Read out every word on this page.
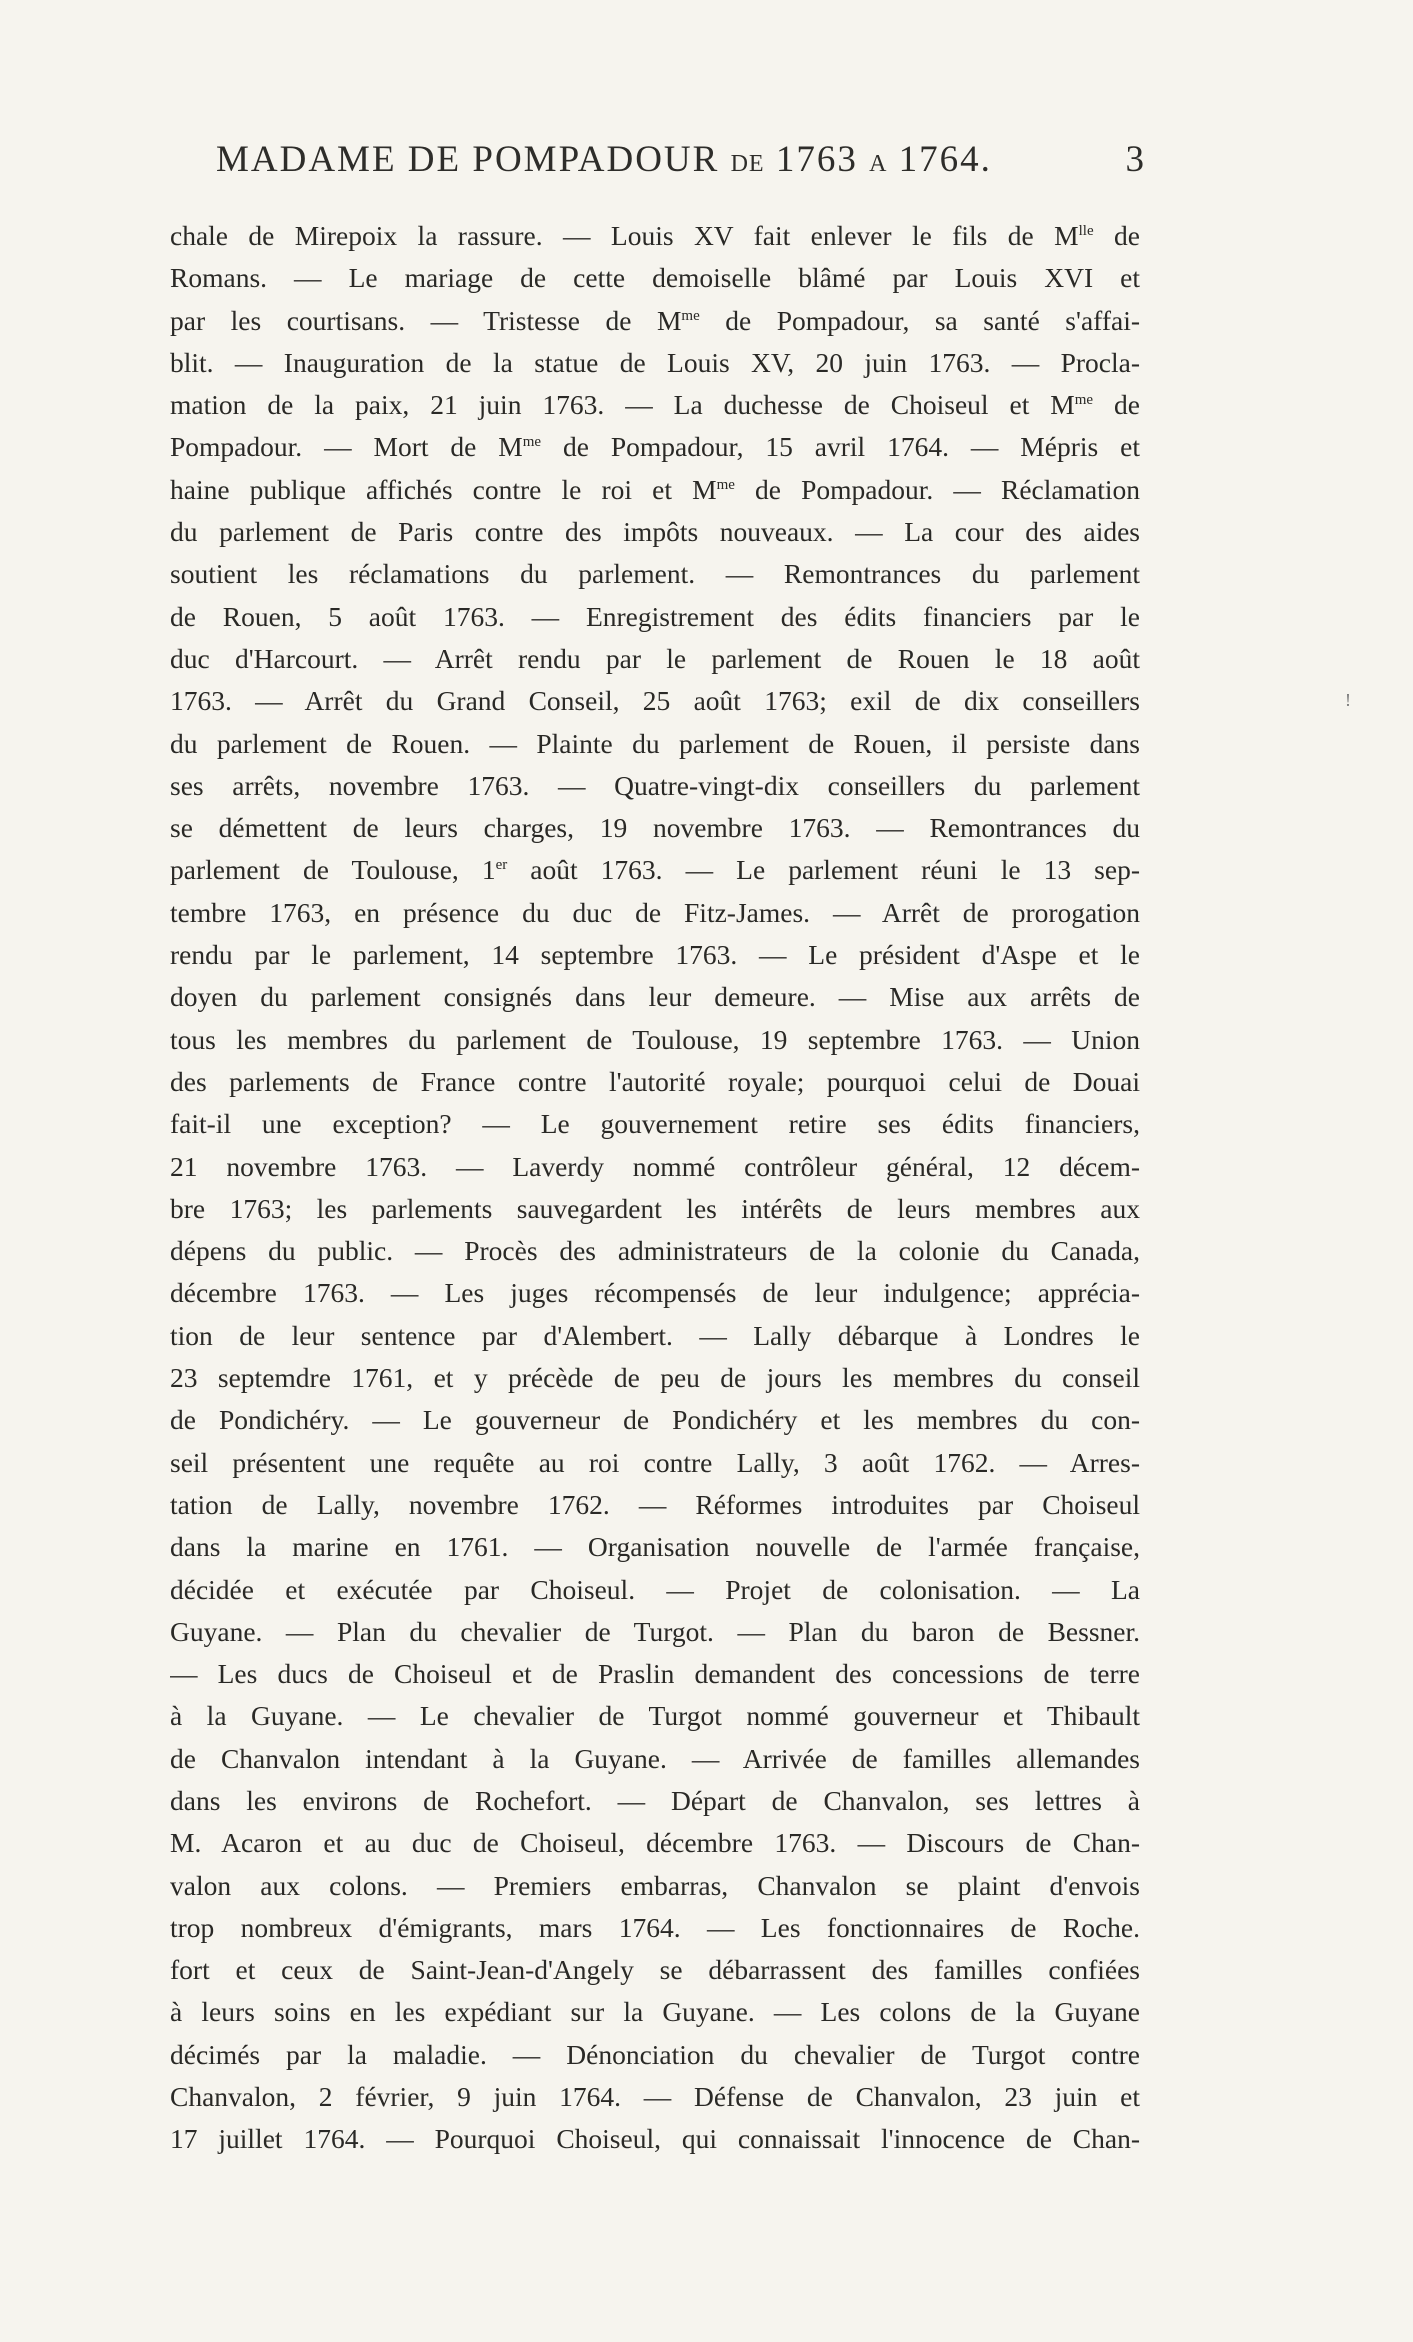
MADAME DE POMPADOUR DE 1763 A 1764.	3
chale de Mirepoix la rassure. — Louis XV fait enlever le fils de $M^{lle}$ de
Romans. — Le mariage de cette demoiselle blâmé par Louis XVI et
par les courtisans. — Tristesse de $M^{me}$ de Pompadour, sa santé s'affai-
blit. — Inauguration de la statue de Louis XV, 20 juin 1763. — Procla-
mation de la paix, 21 juin 1763. — La duchesse de Choiseul et $M^{me}$ de
Pompadour. — Mort de $M^{me}$ de Pompadour, 15 avril 1764. — Mépris et
haine publique affichés contre le roi et $M^{me}$ de Pompadour. — Réclamation
du parlement de Paris contre des impôts nouveaux. — La cour des aides
soutient les réclamations du parlement. — Remontrances du parlement
de Rouen, 5 août 1763. — Enregistrement des édits financiers par le
duc d'Harcourt. — Arrêt rendu par le parlement de Rouen le 18 août
1763. — Arrêt du Grand Conseil, 25 août 1763; exil de dix conseillers
du parlement de Rouen. — Plainte du parlement de Rouen, il persiste dans
ses arrêts, novembre 1763. — Quatre-vingt-dix conseillers du parlement
se démettent de leurs charges, 19 novembre 1763. — Remontrances du
parlement de Toulouse, 1er août 1763. — Le parlement réuni le 13 sep-
tembre 1763, en présence du duc de Fitz-James. — Arrêt de prorogation
rendu par le parlement, 14 septembre 1763. — Le président d'Aspe et le
doyen du parlement consignés dans leur demeure. — Mise aux arrêts de
tous les membres du parlement de Toulouse, 19 septembre 1763. — Union
des parlements de France contre l'autorité royale; pourquoi celui de Douai
fait-il une exception? — Le gouvernement retire ses édits financiers,
21 novembre 1763. — Laverdy nommé contrôleur général, 12 décem-
bre 1763; les parlements sauvegardent les intérêts de leurs membres aux
dépens du public. — Procès des administrateurs de la colonie du Canada,
décembre 1763. — Les juges récompensés de leur indulgence; apprécia-
tion de leur sentence par d'Alembert. — Lally débarque à Londres le
23 septemdre 1761, et y précède de peu de jours les membres du conseil
de Pondichéry. — Le gouverneur de Pondichéry et les membres du con-
seil présentent une requête au roi contre Lally, 3 août 1762. — Arres-
tation de Lally, novembre 1762. — Réformes introduites par Choiseul
dans la marine en 1761. — Organisation nouvelle de l'armée française,
décidée et exécutée par Choiseul. — Projet de colonisation. — La
Guyane. — Plan du chevalier de Turgot. — Plan du baron de Bessner.
— Les ducs de Choiseul et de Praslin demandent des concessions de terre
à la Guyane. — Le chevalier de Turgot nommé gouverneur et Thibault
de Chanvalon intendant à la Guyane. — Arrivée de familles allemandes
dans les environs de Rochefort. — Départ de Chanvalon, ses lettres à
M. Acaron et au duc de Choiseul, décembre 1763. — Discours de Chan-
valon aux colons. — Premiers embarras, Chanvalon se plaint d'envois
trop nombreux d'émigrants, mars 1764. — Les fonctionnaires de Roche.
fort et ceux de Saint-Jean-d'Angely se débarrassent des familles confiées
à leurs soins en les expédiant sur la Guyane. — Les colons de la Guyane
décimés par la maladie. — Dénonciation du chevalier de Turgot contre
Chanvalon, 2 février, 9 juin 1764. — Défense de Chanvalon, 23 juin et
17 juillet 1764. — Pourquoi Choiseul, qui connaissait l'innocence de Chan-
!
